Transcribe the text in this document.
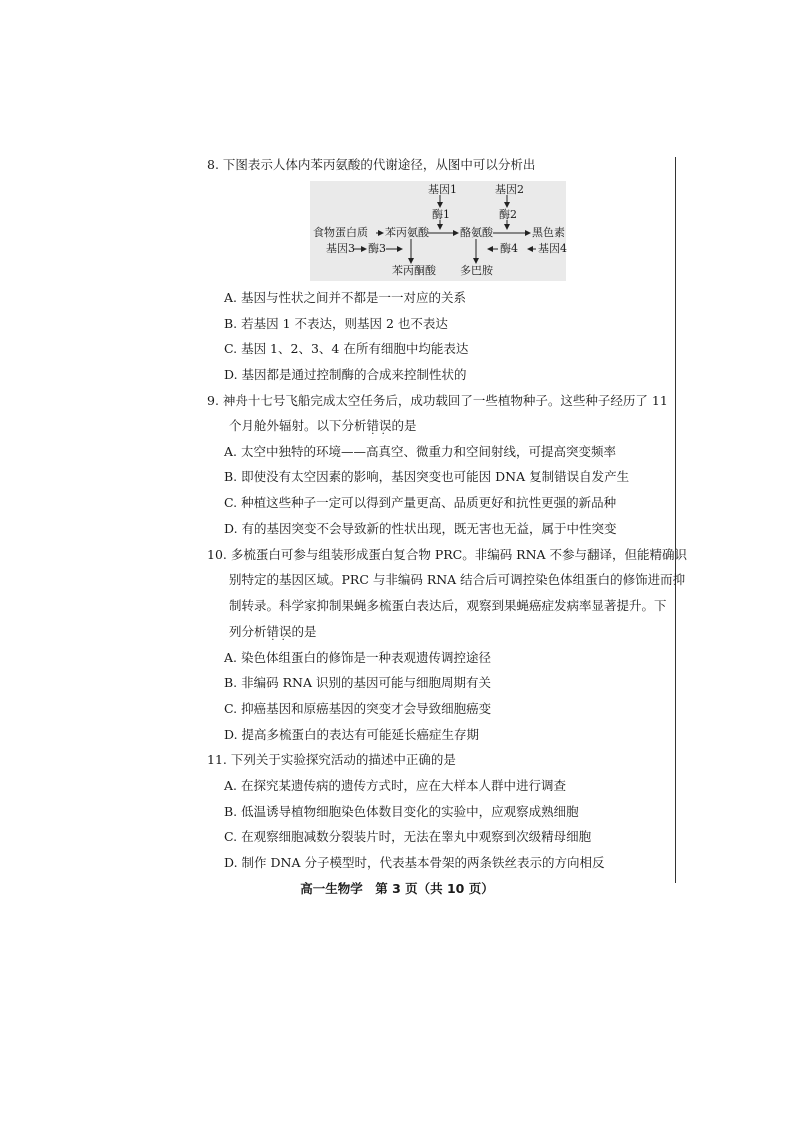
8. 下图表示人体内苯丙氨酸的代谢途径，从图中可以分析出
基因1	基因2
酶1	酶2
食物蛋白质 苯丙氨酸	酪氨酸	黑色素
基因3 酶3	酶4 基因4
苯丙酮酸 多巴胺
A. 基因与性状之间并不都是一一对应的关系
B. 若基因 1 不表达，则基因 2 也不表达
C. 基因 1、2、3、4 在所有细胞中均能表达
D. 基因都是通过控制酶的合成来控制性状的
9. 神舟十七号飞船完成太空任务后，成功载回了一些植物种子。这些种子经历了 11
个月舱外辐射。以下分析错误 · ·的是
A. 太空中独特的环境——高真空、微重力和空间射线，可提高突变频率
B. 即使没有太空因素的影响，基因突变也可能因 DNA 复制错误自发产生
C. 种植这些种子一定可以得到产量更高、品质更好和抗性更强的新品种
D. 有的基因突变不会导致新的性状出现，既无害也无益，属于中性突变
10. 多梳蛋白可参与组装形成蛋白复合物 PRC。非编码 RNA 不参与翻译，但能精确识
别特定的基因区域。PRC 与非编码 RNA 结合后可调控染色体组蛋白的修饰进而抑
制转录。科学家抑制果蝇多梳蛋白表达后，观察到果蝇癌症发病率显著提升。下
列分析错误 · ·的是
A. 染色体组蛋白的修饰是一种表观遗传调控途径
B. 非编码 RNA 识别的基因可能与细胞周期有关
C. 抑癌基因和原癌基因的突变才会导致细胞癌变
D. 提高多梳蛋白的表达有可能延长癌症生存期
11. 下列关于实验探究活动的描述中正确的是
A. 在探究某遗传病的遗传方式时，应在大样本人群中进行调查
B. 低温诱导植物细胞染色体数目变化的实验中，应观察成熟细胞
C. 在观察细胞减数分裂装片时，无法在睾丸中观察到次级精母细胞
D. 制作 DNA 分子模型时，代表基本骨架的两条铁丝表示的方向相反
高一生物学　第 3 页（共 10 页）
